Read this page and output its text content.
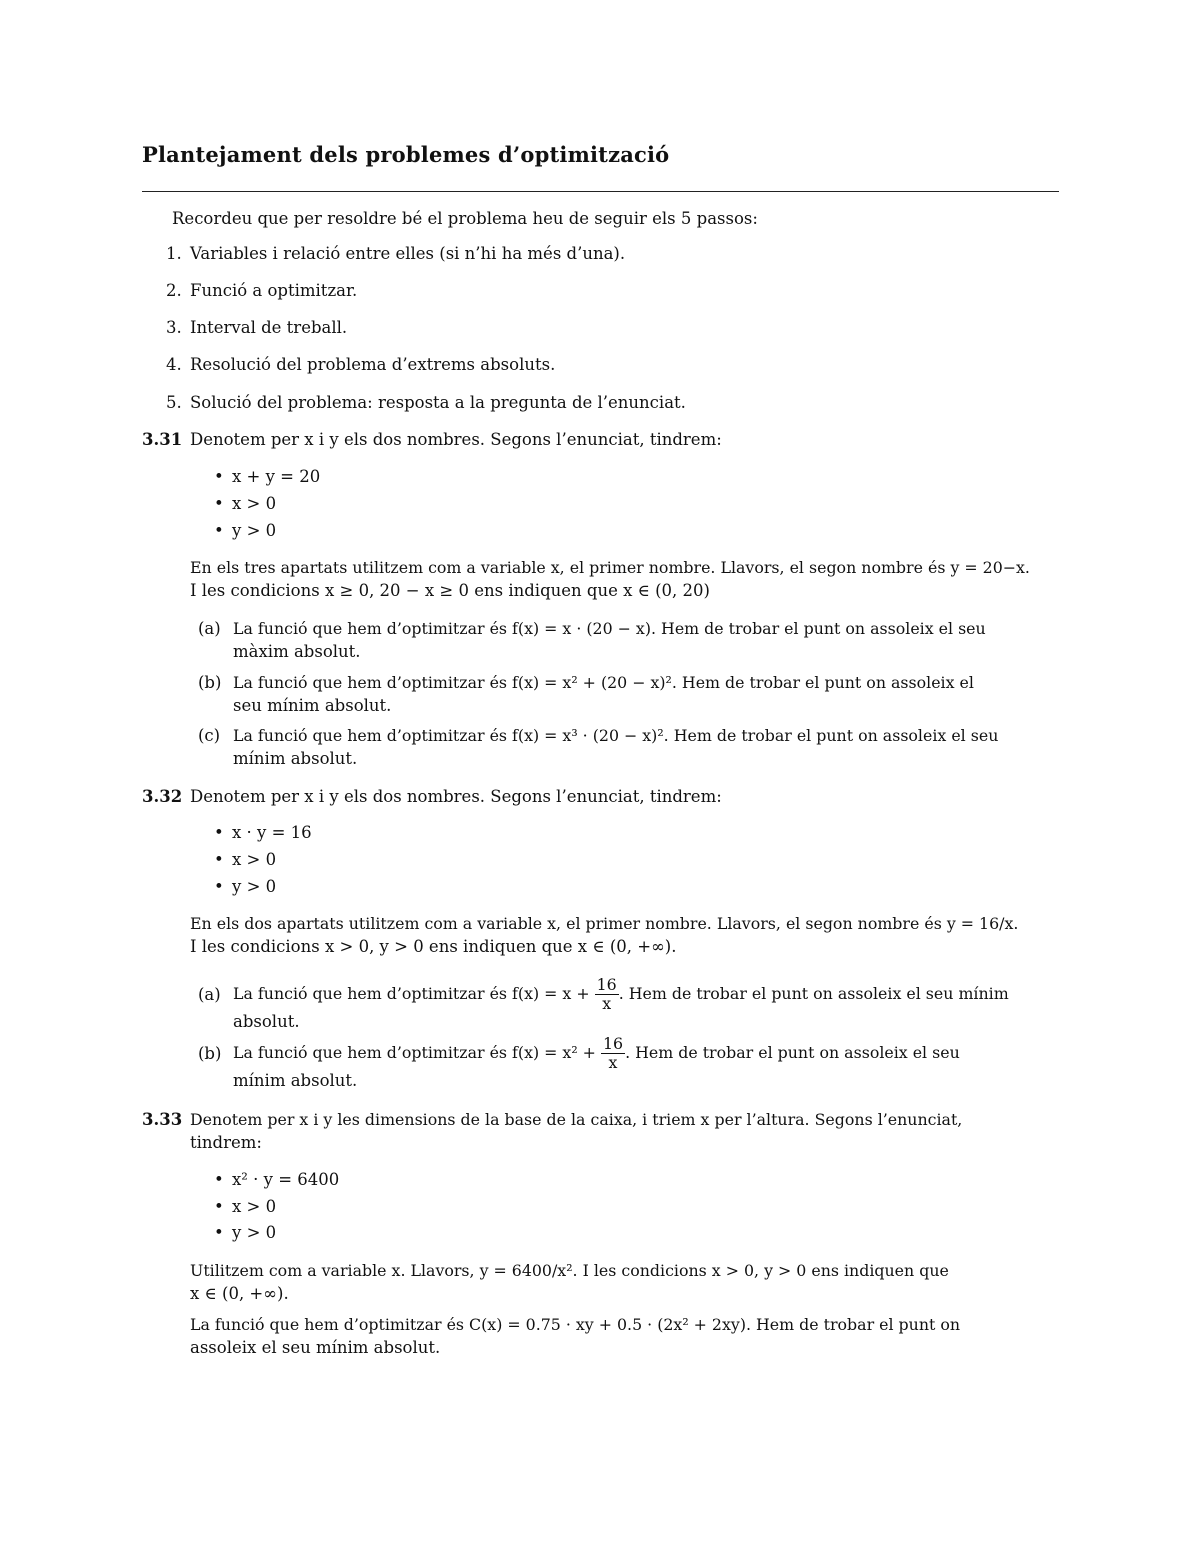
Plantejament dels problemes d’optimització
Recordeu que per resoldre bé el problema heu de seguir els 5 passos:
1. Variables i relació entre elles (si n’hi ha més d’una).
2. Funció a optimitzar.
3. Interval de treball.
4. Resolució del problema d’extrems absoluts.
5. Solució del problema: resposta a la pregunta de l’enunciat.
3.31 Denotem per x i y els dos nombres. Segons l’enunciat, tindrem:
• x + y = 20
• x > 0
• y > 0
En els tres apartats utilitzem com a variable x, el primer nombre. Llavors, el segon nombre és y = 20−x.
I les condicions x ≥ 0, 20 − x ≥ 0 ens indiquen que x ∈ (0, 20)
(a) La funció que hem d’optimitzar és f(x) = x · (20 − x). Hem de trobar el punt on assoleix el seu
màxim absolut.
(b) La funció que hem d’optimitzar és f(x) = x² + (20 − x)². Hem de trobar el punt on assoleix el
seu mínim absolut.
(c) La funció que hem d’optimitzar és f(x) = x³ · (20 − x)². Hem de trobar el punt on assoleix el seu
mínim absolut.
3.32 Denotem per x i y els dos nombres. Segons l’enunciat, tindrem:
• x · y = 16
• x > 0
• y > 0
En els dos apartats utilitzem com a variable x, el primer nombre. Llavors, el segon nombre és y = 16/x.
I les condicions x > 0, y > 0 ens indiquen que x ∈ (0, +∞).
(a) La funció que hem d’optimitzar és $f(x) = x + \frac{16}{x}$ . Hem de trobar el punt on assoleix el seu mínim
absolut.
(b) La funció que hem d’optimitzar és $f(x) = x^2 + \frac{16}{x}$ . Hem de trobar el punt on assoleix el seu
mínim absolut.
3.33 Denotem per x i y les dimensions de la base de la caixa, i triem x per l’altura. Segons l’enunciat,
tindrem:
• x² · y = 6400
• x > 0
• y > 0
Utilitzem com a variable x. Llavors, y = 6400/x². I les condicions x > 0, y > 0 ens indiquen que
x ∈ (0, +∞).
La funció que hem d’optimitzar és C(x) = 0.75 · xy + 0.5 · (2x² + 2xy). Hem de trobar el punt on
assoleix el seu mínim absolut.
